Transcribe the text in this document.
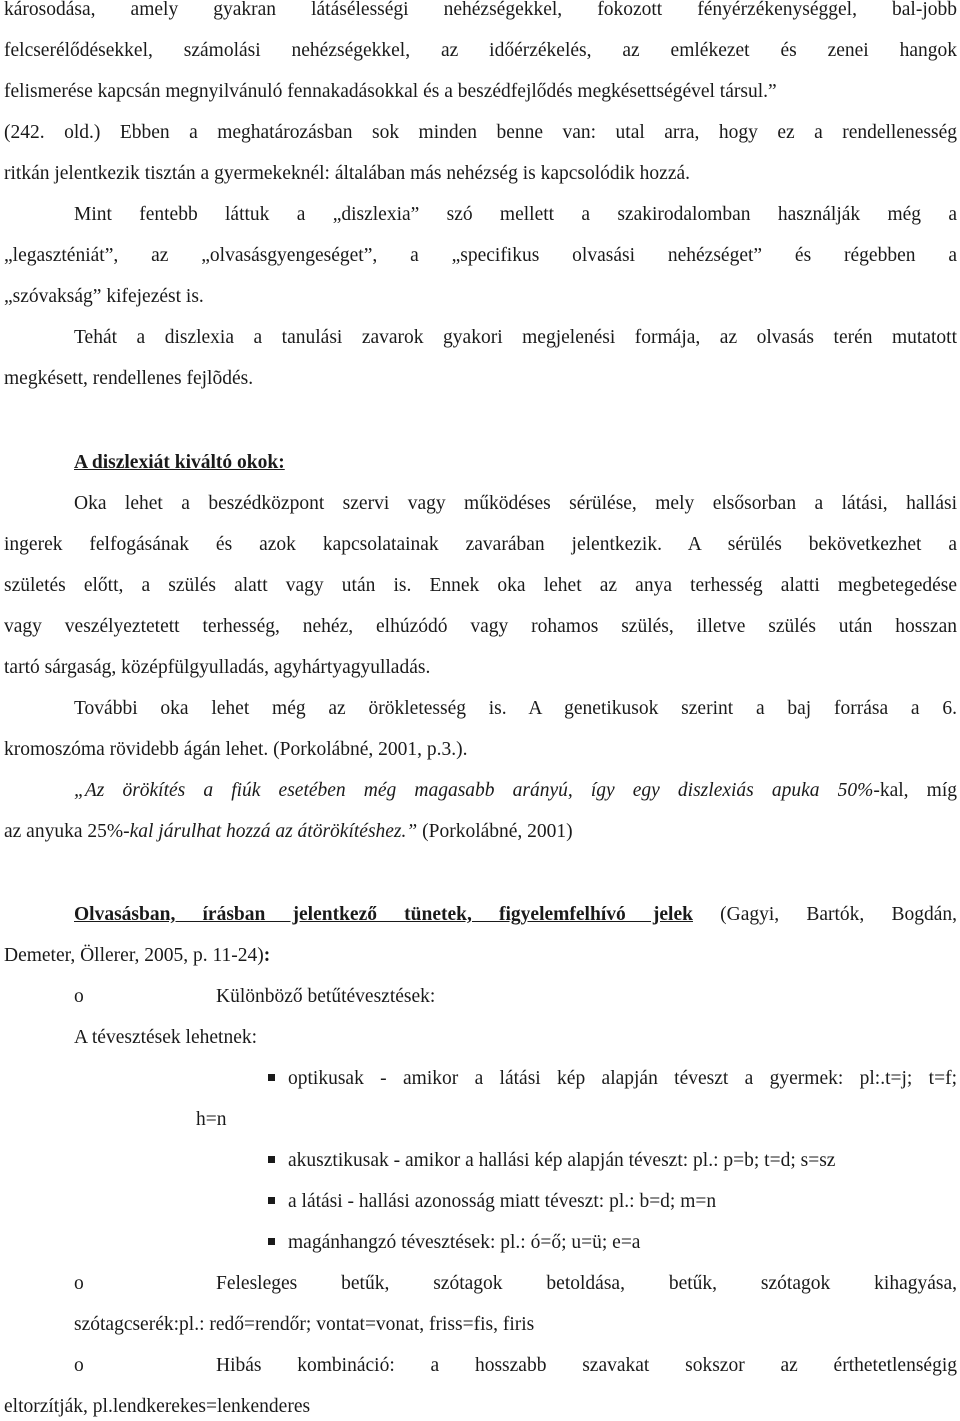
károsodása, amely gyakran látásélességi nehézségekkel, fokozott fényérzékenységgel, bal-jobb
felcserélődésekkel, számolási nehézségekkel, az időérzékelés, az emlékezet és zenei hangok
felismerése kapcsán megnyilvánuló fennakadásokkal és a beszédfejlődés megkésettségével társul.”
(242. old.) Ebben a meghatározásban sok minden benne van: utal arra, hogy ez a rendellenesség
ritkán jelentkezik tisztán a gyermekeknél: általában más nehézség is kapcsolódik hozzá.
Mint fentebb láttuk a „diszlexia” szó mellett a szakirodalomban használják még a
„legaszténiát”, az „olvasásgyengeséget”, a „specifikus olvasási nehézséget” és régebben a
„szóvakság” kifejezést is.
Tehát a diszlexia a tanulási zavarok gyakori megjelenési formája, az olvasás terén mutatott
megkésett, rendellenes fejlõdés.
A diszlexiát kiváltó okok:
Oka lehet a beszédközpont szervi vagy működéses sérülése, mely elsősorban a látási, hallási
ingerek felfogásának és azok kapcsolatainak zavarában jelentkezik. A sérülés bekövetkezhet a
születés előtt, a szülés alatt vagy után is. Ennek oka lehet az anya terhesség alatti megbetegedése
vagy veszélyeztetett terhesség, nehéz, elhúzódó vagy rohamos szülés, illetve szülés után hosszan
tartó sárgaság, középfülgyulladás, agyhártyagyulladás.
További oka lehet még az örökletesség is. A genetikusok szerint a baj forrása a 6.
kromoszóma rövidebb ágán lehet. (Porkolábné, 2001, p.3.).
„Az örökítés a fiúk esetében még magasabb arányú, így egy diszlexiás apuka 50%-kal, míg
az anyuka 25%-kal járulhat hozzá az átörökítéshez.” (Porkolábné, 2001)
Olvasásban, írásban jelentkező tünetek, figyelemfelhívó jelek (Gagyi, Bartók, Bogdán,
Demeter, Öllerer, 2005, p. 11-24):
o	Különböző betűtévesztések:
A tévesztések lehetnek:
optikusak - amikor a látási kép alapján téveszt a gyermek: pl:.t=j; t=f;
h=n
akusztikusak - amikor a hallási kép alapján téveszt: pl.: p=b; t=d; s=sz
a látási - hallási azonosság miatt téveszt: pl.: b=d; m=n
magánhangzó tévesztések: pl.: ó=ő; u=ü; e=a
o	Felesleges betűk, szótagok betoldása, betűk, szótagok kihagyása,
szótagcserék:pl.: redő=rendőr; vontat=vonat, friss=fis, firis
o	Hibás kombináció: a hosszabb szavakat sokszor az érthetetlenségig
eltorzítják, pl.lendkerekes=lenkenderes
